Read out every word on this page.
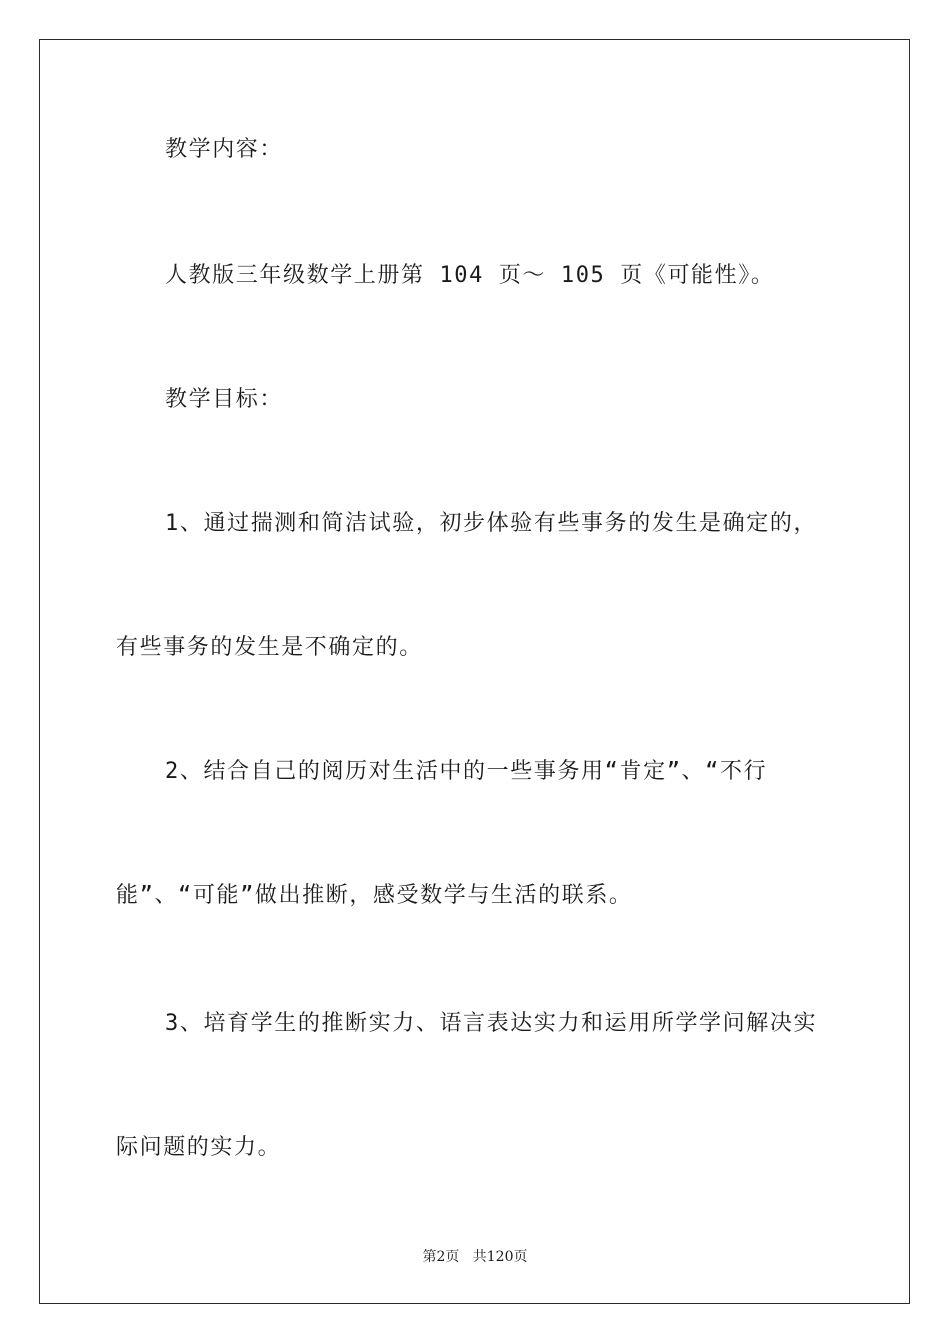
教学内容：
人教版三年级数学上册第 104 页～ 105 页《可能性》。
教学目标：
1、通过揣测和简洁试验，初步体验有些事务的发生是确定的，
有些事务的发生是不确定的。
2、结合自己的阅历对生活中的一些事务用“肯定”、“不行
能”、“可能”做出推断，感受数学与生活的联系。
3、培育学生的推断实力、语言表达实力和运用所学学问解决实
际问题的实力。
第2页 共120页
